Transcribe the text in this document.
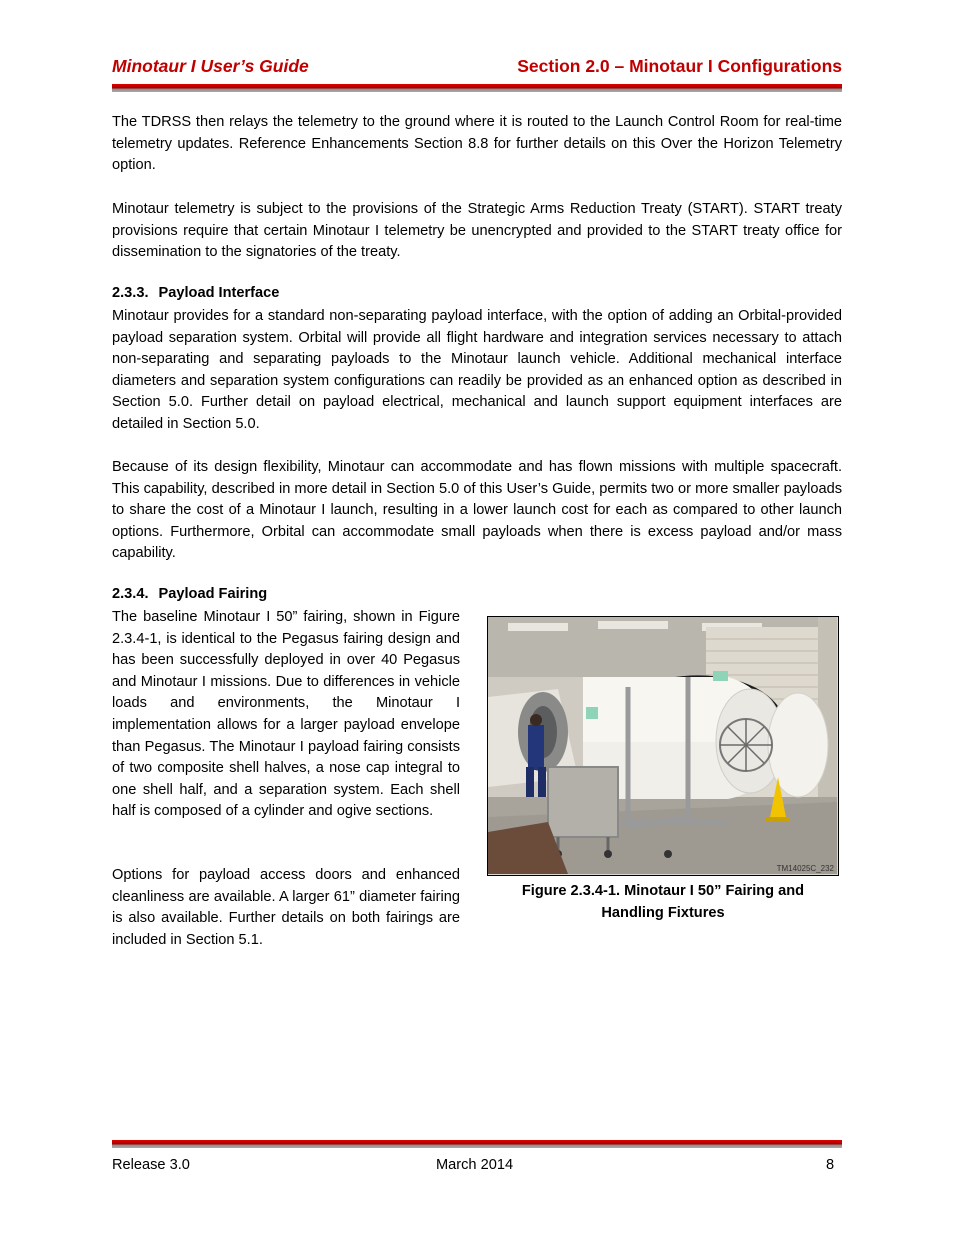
Minotaur I User’s Guide	Section 2.0 – Minotaur I Configurations

The TDRSS then relays the telemetry to the ground where it is routed to the Launch Control Room for real-time telemetry updates. Reference Enhancements Section 8.8 for further details on this Over the Horizon Telemetry option.

Minotaur telemetry is subject to the provisions of the Strategic Arms Reduction Treaty (START). START treaty provisions require that certain Minotaur I telemetry be unencrypted and provided to the START treaty office for dissemination to the signatories of the treaty.

2.3.3. Payload Interface

Minotaur provides for a standard non-separating payload interface, with the option of adding an Orbital-provided payload separation system. Orbital will provide all flight hardware and integration services necessary to attach non-separating and separating payloads to the Minotaur launch vehicle. Additional mechanical interface diameters and separation system configurations can readily be provided as an enhanced option as described in Section 5.0. Further detail on payload electrical, mechanical and launch support equipment interfaces are detailed in Section 5.0.

Because of its design flexibility, Minotaur can accommodate and has flown missions with multiple spacecraft. This capability, described in more detail in Section 5.0 of this User’s Guide, permits two or more smaller payloads to share the cost of a Minotaur I launch, resulting in a lower launch cost for each as compared to other launch options. Furthermore, Orbital can accommodate small payloads when there is excess payload and/or mass capability.

2.3.4. Payload Fairing

The baseline Minotaur I 50” fairing, shown in Figure 2.3.4-1, is identical to the Pegasus fairing design and has been successfully deployed in over 40 Pegasus and Minotaur I missions. Due to differences in vehicle loads and environments, the Minotaur I implementation allows for a larger payload envelope than Pegasus. The Minotaur I payload fairing consists of two composite shell halves, a nose cap integral to one shell half, and a separation system. Each shell half is composed of a cylinder and ogive sections.

Options for payload access doors and enhanced cleanliness are available. A larger 61” diameter fairing is also available. Further details on both fairings are included in Section 5.1.

TM14025C_232

Figure 2.3.4-1. Minotaur I 50” Fairing and
Handling Fixtures

Release 3.0	March 2014	8
